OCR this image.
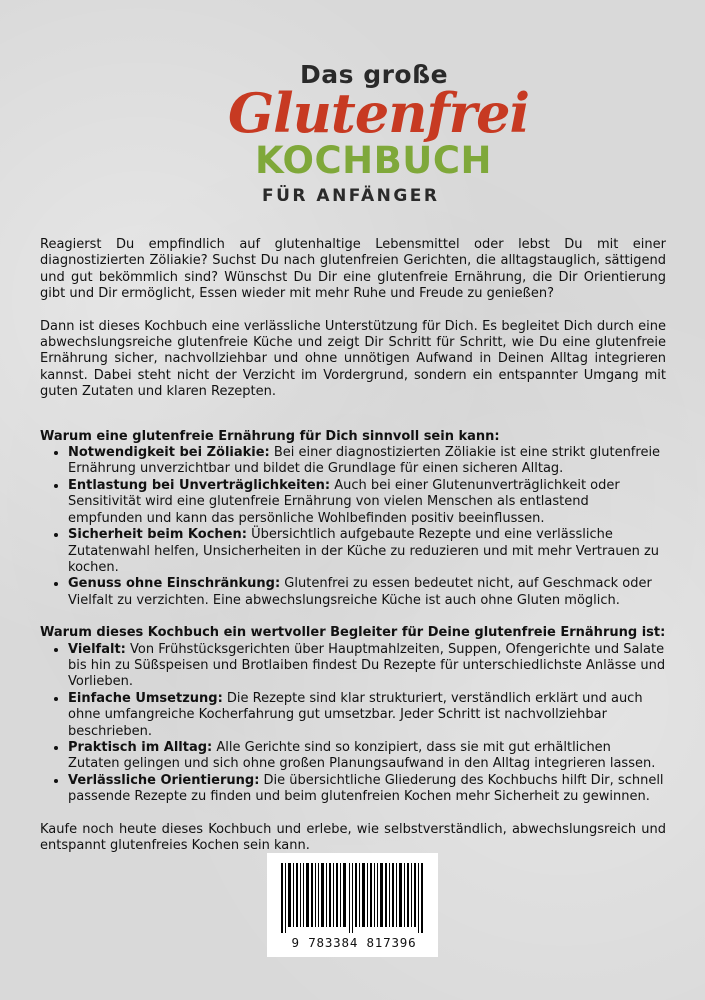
Das große
Glutenfrei
KOCHBUCH
FÜR ANFÄNGER

Reagierst Du empfindlich auf glutenhaltige Lebensmittel oder lebst Du mit einer diagnostizierten Zöliakie? Suchst Du nach glutenfreien Gerichten, die alltagstauglich, sättigend und gut bekömmlich sind? Wünschst Du Dir eine glutenfreie Ernährung, die Dir Orientierung gibt und Dir ermöglicht, Essen wieder mit mehr Ruhe und Freude zu genießen?

Dann ist dieses Kochbuch eine verlässliche Unterstützung für Dich. Es begleitet Dich durch eine abwechslungsreiche glutenfreie Küche und zeigt Dir Schritt für Schritt, wie Du eine glutenfreie Ernährung sicher, nachvollziehbar und ohne unnötigen Aufwand in Deinen Alltag integrieren kannst. Dabei steht nicht der Verzicht im Vordergrund, sondern ein entspannter Umgang mit guten Zutaten und klaren Rezepten.

Warum eine glutenfreie Ernährung für Dich sinnvoll sein kann:

• Notwendigkeit bei Zöliakie: Bei einer diagnostizierten Zöliakie ist eine strikt glutenfreie Ernährung unverzichtbar und bildet die Grundlage für einen sicheren Alltag.
• Entlastung bei Unverträglichkeiten: Auch bei einer Glutenunverträglichkeit oder Sensitivität wird eine glutenfreie Ernährung von vielen Menschen als entlastend empfunden und kann das persönliche Wohlbefinden positiv beeinflussen.
• Sicherheit beim Kochen: Übersichtlich aufgebaute Rezepte und eine verlässliche Zutatenwahl helfen, Unsicherheiten in der Küche zu reduzieren und mit mehr Vertrauen zu kochen.
• Genuss ohne Einschränkung: Glutenfrei zu essen bedeutet nicht, auf Geschmack oder Vielfalt zu verzichten. Eine abwechslungsreiche Küche ist auch ohne Gluten möglich.

Warum dieses Kochbuch ein wertvoller Begleiter für Deine glutenfreie Ernährung ist:

• Vielfalt: Von Frühstücksgerichten über Hauptmahlzeiten, Suppen, Ofengerichte und Salate bis hin zu Süßspeisen und Brotlaiben findest Du Rezepte für unterschiedlichste Anlässe und Vorlieben.
• Einfache Umsetzung: Die Rezepte sind klar strukturiert, verständlich erklärt und auch ohne umfangreiche Kocherfahrung gut umsetzbar. Jeder Schritt ist nachvollziehbar beschrieben.
• Praktisch im Alltag: Alle Gerichte sind so konzipiert, dass sie mit gut erhältlichen Zutaten gelingen und sich ohne großen Planungsaufwand in den Alltag integrieren lassen.
• Verlässliche Orientierung: Die übersichtliche Gliederung des Kochbuchs hilft Dir, schnell passende Rezepte zu finden und beim glutenfreien Kochen mehr Sicherheit zu gewinnen.

Kaufe noch heute dieses Kochbuch und erlebe, wie selbstverständlich, abwechslungsreich und entspannt glutenfreies Kochen sein kann.

9 783384 817396
